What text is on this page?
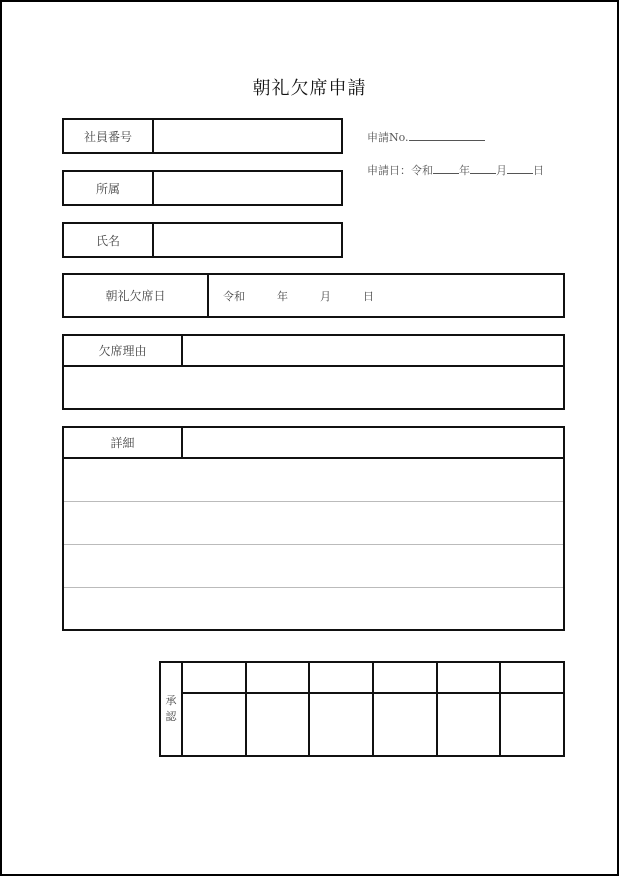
朝礼欠席申請
社員番号
所属
氏名
申請No.
申請日：令和 年 月 日
朝礼欠席日	令和	年	月	日
欠席理由
詳細
承
認
